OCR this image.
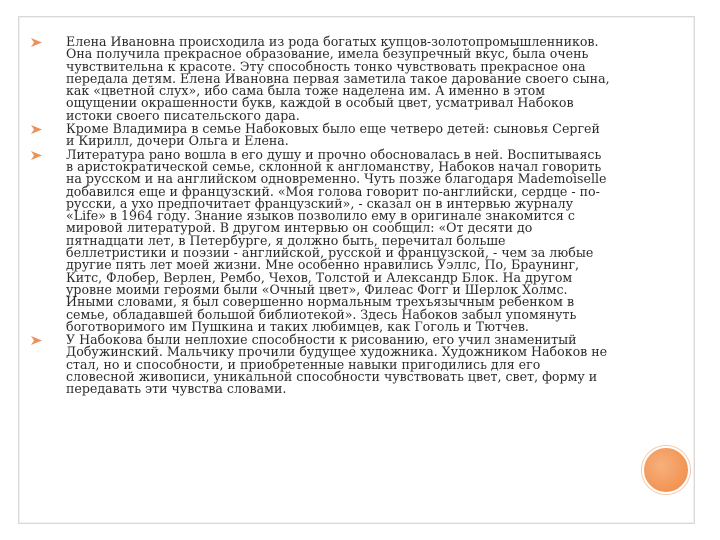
Елена Ивановна происходила из рода богатых купцов-золотопромышленников. Она получила прекрасное образование, имела безупречный вкус, была очень чувствительна к красоте. Эту способность тонко чувствовать прекрасное она передала детям. Елена Ивановна первая заметила такое дарование своего сына, как «цветной слух», ибо сама была тоже наделена им. А именно в этом ощущении окрашенности букв, каждой в особый цвет, усматривал Набоков истоки своего писательского дара.
Кроме Владимира в семье Набоковых было еще четверо детей: сыновья Сергей и Кирилл, дочери Ольга и Елена.
Литература рано вошла в его душу и прочно обосновалась в ней. Воспитываясь в аристократической семье, склонной к англоманству, Набоков начал говорить на русском и на английском одновременно. Чуть позже благодаря Mademoiselle добавился еще и французский. «Моя голова говорит по-английски, сердце - по-русски, а ухо предпочитает французский», - сказал он в интервью журналу «Life» в 1964 году. Знание языков позволило ему в оригинале знакомится с мировой литературой. В другом интервью он сообщил: «От десяти до пятнадцати лет, в Петербурге, я должно быть, перечитал больше беллетристики и поэзии - английской, русской и французской, - чем за любые другие пять лет моей жизни. Мне особенно нравились Уэллс, По, Браунинг, Китс, Флобер, Верлен, Рембо, Чехов, Толстой и Александр Блок. На другом уровне моими героями были «Очный цвет», Филеас Фогг и Шерлок Холмс. Иными словами, я был совершенно нормальным трехъязычным ребенком в семье, обладавшей большой библиотекой». Здесь Набоков забыл упомянуть боготворимого им Пушкина и таких любимцев, как Гоголь и Тютчев.
У Набокова были неплохие способности к рисованию, его учил знаменитый Добужинский. Мальчику прочили будущее художника. Художником Набоков не стал, но и способности, и приобретенные навыки пригодились для его словесной живописи, уникальной способности чувствовать цвет, свет, форму и передавать эти чувства словами.
